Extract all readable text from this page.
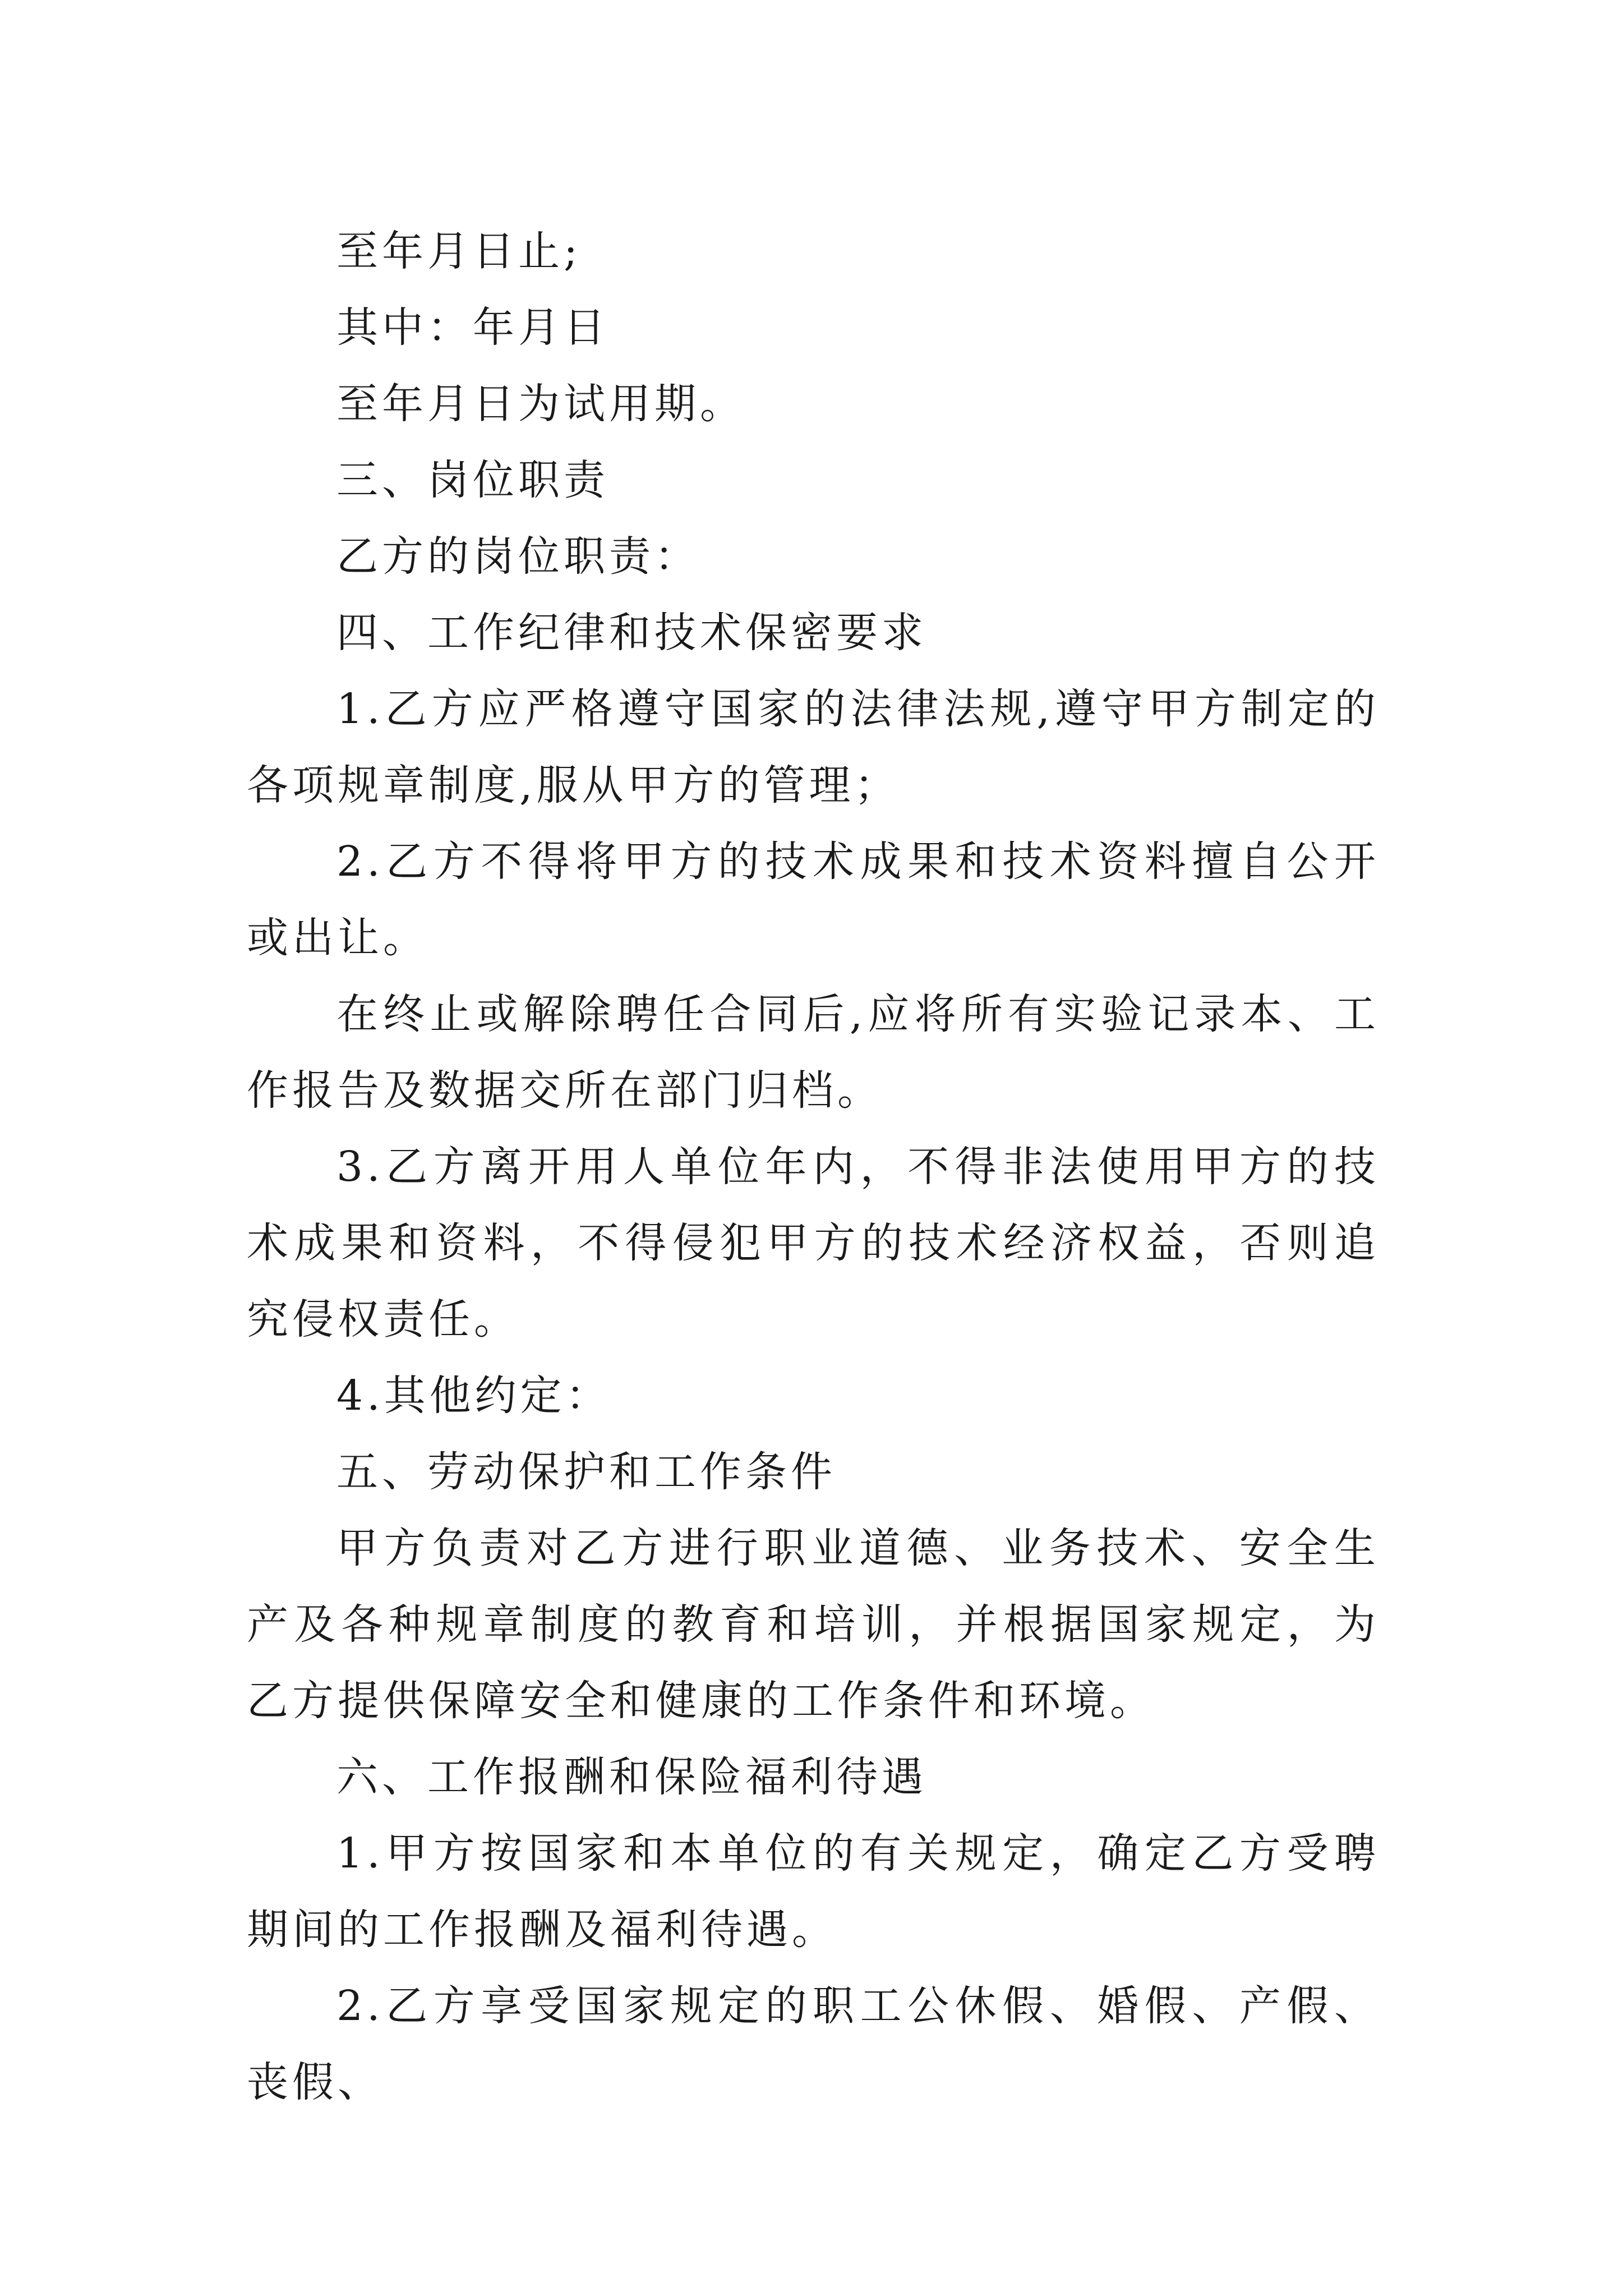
至年月日止;

其中：年月日

至年月日为试用期。

三、岗位职责

乙方的岗位职责：

四、工作纪律和技术保密要求

1.乙方应严格遵守国家的法律法规,遵守甲方制定的各项规章制度,服从甲方的管理；

2.乙方不得将甲方的技术成果和技术资料擅自公开或出让。

在终止或解除聘任合同后,应将所有实验记录本、工作报告及数据交所在部门归档。

3.乙方离开用人单位年内，不得非法使用甲方的技术成果和资料，不得侵犯甲方的技术经济权益，否则追究侵权责任。

4.其他约定：

五、劳动保护和工作条件

甲方负责对乙方进行职业道德、业务技术、安全生产及各种规章制度的教育和培训，并根据国家规定，为乙方提供保障安全和健康的工作条件和环境。

六、工作报酬和保险福利待遇

1.甲方按国家和本单位的有关规定，确定乙方受聘期间的工作报酬及福利待遇。

2.乙方享受国家规定的职工公休假、婚假、产假、丧假、
